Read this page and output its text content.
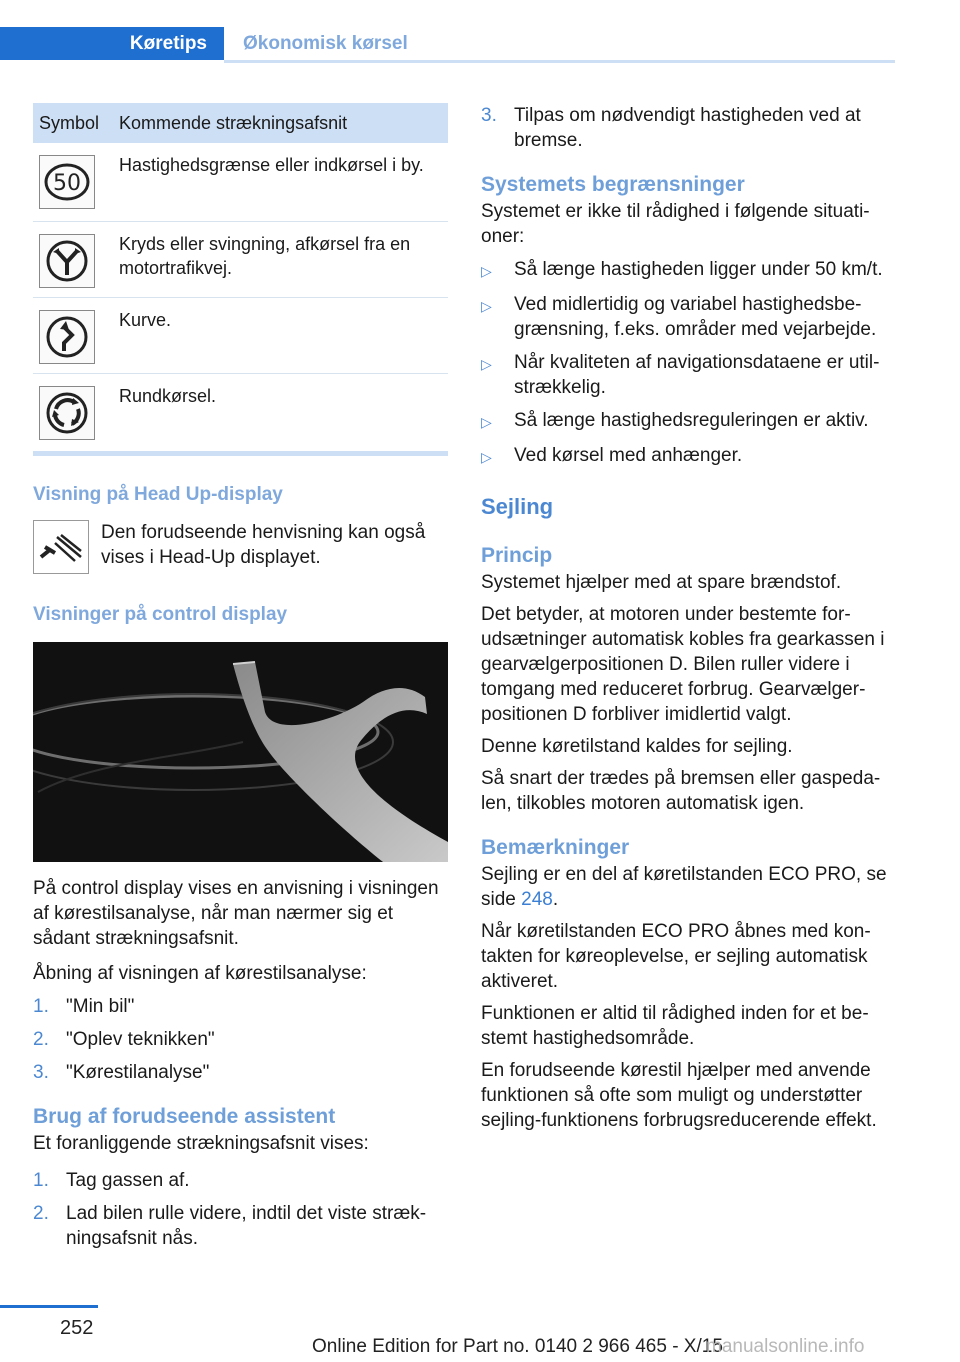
Køretips	Økonomisk kørsel
Symbol	Kommende strækningsafsnit

50	Hastighedsgrænse eller indkørsel i by.

	Kryds eller svingning, afkørsel fra en motortrafikvej.

	Kurve.

	Rundkørsel.
Visning på Head Up-display
Den forudseende henvisning kan også vises i Head-Up displayet.
Visninger på control display

På control display vises en anvisning i visningen af kørestilsanalyse, når man nærmer sig et sådant strækningsafsnit.

Åbning af visningen af kørestilsanalyse:

1. "Min bil"
2. "Oplev teknikken"
3. "Kørestilanalyse"
Brug af forudseende assistent

Et foranliggende strækningsafsnit vises:

1. Tag gassen af.
2. Lad bilen rulle videre, indtil det viste strækningsafsnit nås.
3. Tilpas om nødvendigt hastigheden ved at bremse.
Systemets begrænsninger

Systemet er ikke til rådighed i følgende situationer:

▷	Så længe hastigheden ligger under 50 km/t.
▷	Ved midlertidig og variabel hastighedsbegrænsning, f.eks. områder med vejarbejde.
▷	Når kvaliteten af navigationsdataene er utilstrækkelig.
▷	Så længe hastighedsreguleringen er aktiv.
▷	Ved kørsel med anhænger.
Sejling
Princip

Systemet hjælper med at spare brændstof.

Det betyder, at motoren under bestemte forudsætninger automatisk kobles fra gearkassen i gearvælgerpositionen D. Bilen ruller videre i tomgang med reduceret forbrug. Gearvælgerpositionen D forbliver imidlertid valgt.

Denne køretilstand kaldes for sejling.

Så snart der trædes på bremsen eller gaspedalen, tilkobles motoren automatisk igen.

Bemærkninger

Sejling er en del af køretilstanden ECO PRO, se side 248.

Når køretilstanden ECO PRO åbnes med kontakten for køreoplevelse, er sejling automatisk aktiveret.

Funktionen er altid til rådighed inden for et bestemt hastighedsområde.

En forudseende kørestil hjælper med anvende funktionen så ofte som muligt og understøtter sejling-funktionens forbrugsreducerende effekt.

252
Online Edition for Part no. 0140 2 966 465 - X/15
manualsonline.info
